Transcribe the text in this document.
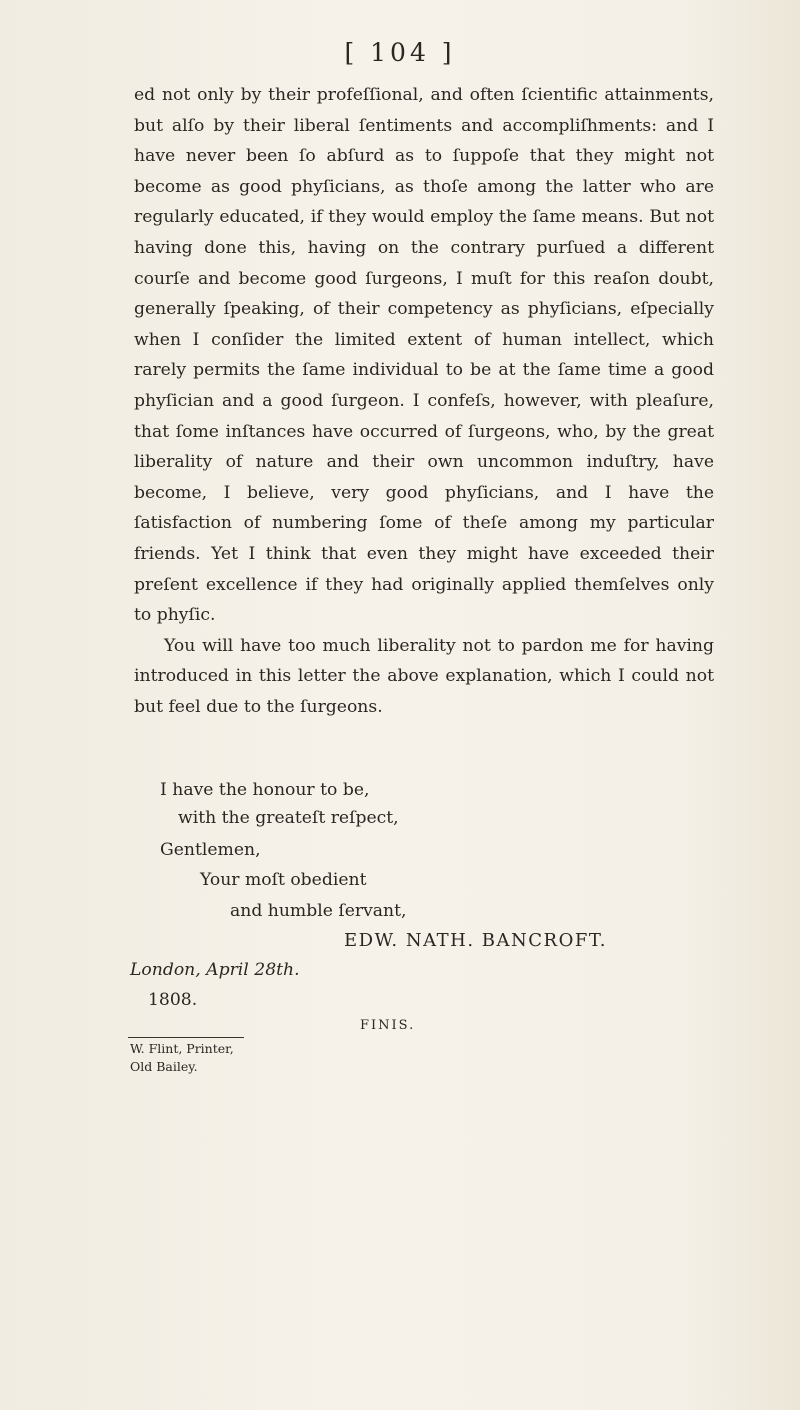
[ 104 ]

ed not only by their profeſſional, and often ſcientific attainments, but alſo by their liberal ſentiments and accompliſhments: and I have never been ſo abſurd as to ſuppoſe that they might not become as good phyſicians, as thoſe among the latter who are regularly educated, if they would employ the ſame means. But not having done this, having on the contrary purſued a different courſe and become good ſurgeons, I muſt for this reaſon doubt, generally ſpeaking, of their competency as phyſicians, eſpecially when I conſider the limited extent of human intellect, which rarely permits the ſame individual to be at the ſame time a good phyſician and a good ſurgeon. I confeſs, however, with pleaſure, that ſome inſtances have occurred of ſurgeons, who, by the great liberality of nature and their own uncommon induſtry, have become, I believe, very good phyſicians, and I have the ſatisfaction of numbering ſome of theſe among my particular friends. Yet I think that even they might have exceeded their preſent excellence if they had originally applied themſelves only to phyſic.

You will have too much liberality not to pardon me for having introduced in this letter the above explanation, which I could not but feel due to the ſurgeons.

I have the honour to be,
with the greateſt reſpect,
Gentlemen,
Your moſt obedient
and humble ſervant,
EDW. NATH. BANCROFT.
London, April 28th.
1808.
FINIS.
W. Flint, Printer,
Old Bailey.
